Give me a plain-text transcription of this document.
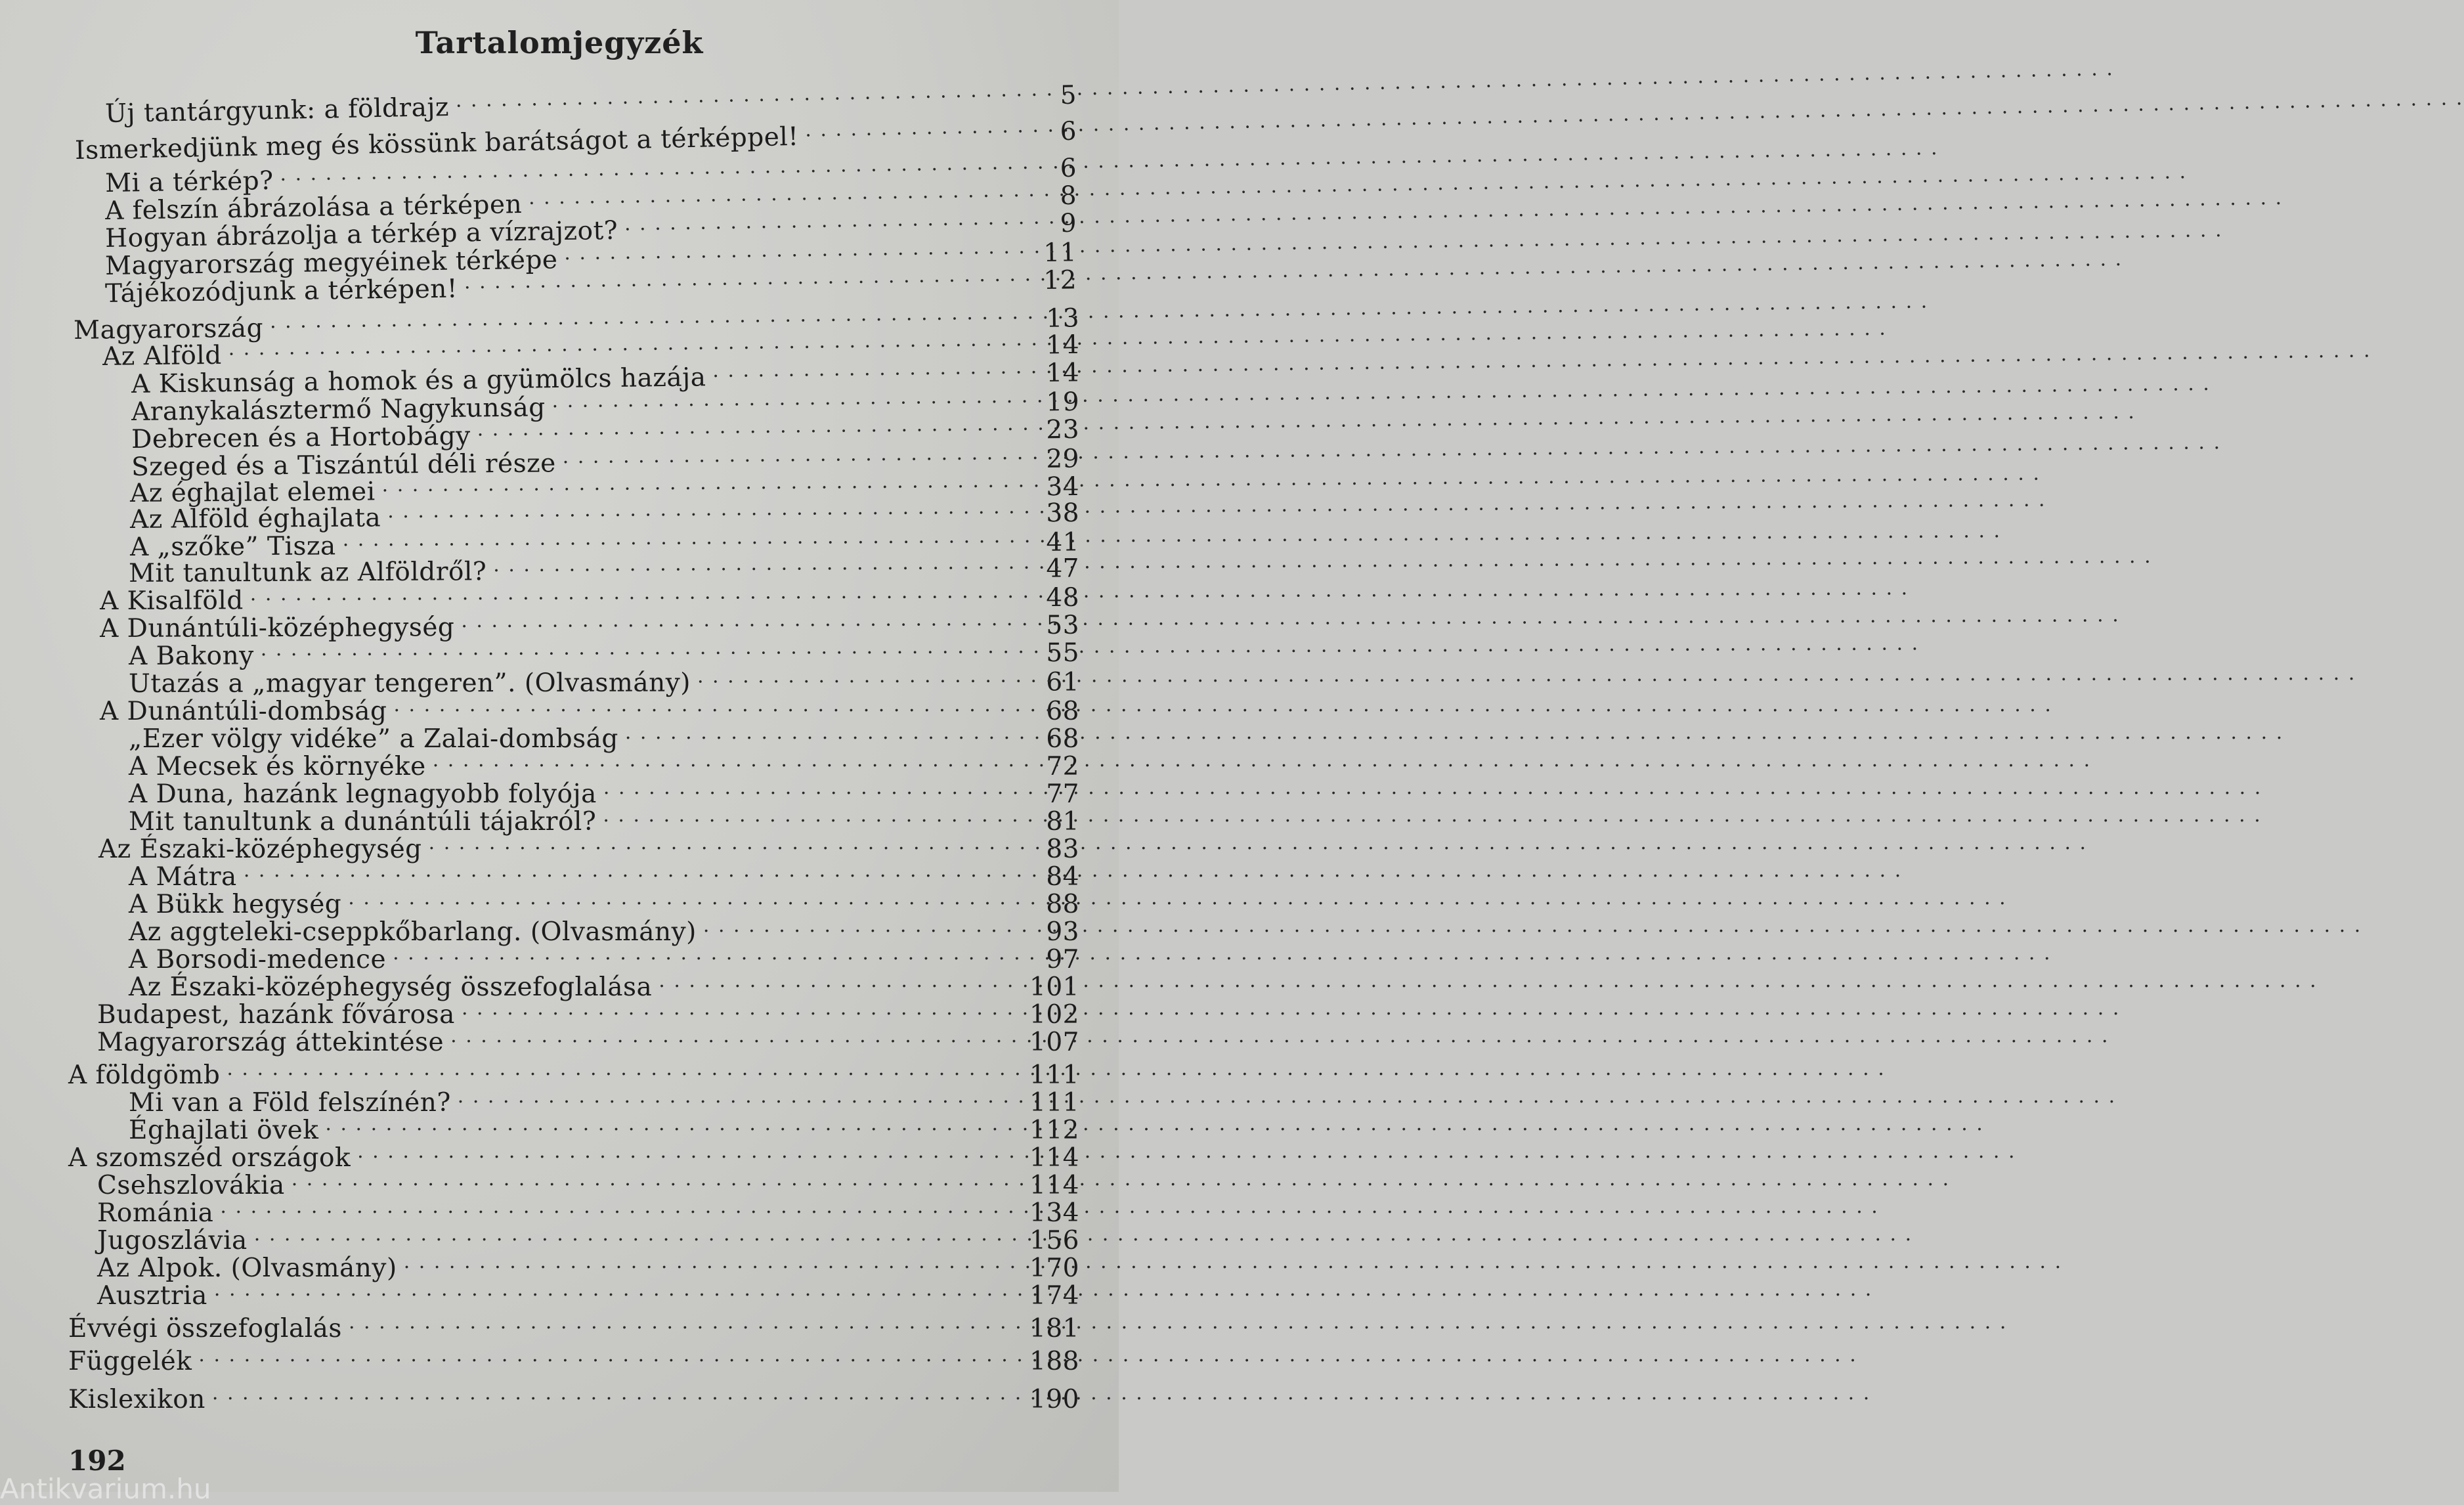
Tartalomjegyzék
Új tantárgyunk: a földrajz . . .	5
Ismerkedjünk meg és kössünk barátságot a térképpel! . . .	6
Mi a térkép? . . .	6
A felszín ábrázolása a térképen . . .	8
Hogyan ábrázolja a térkép a vízrajzot? . . .	9
Magyarország megyéinek térképe . . .	11
Tájékozódjunk a térképen! . . .	12
Magyarország . . .	13
Az Alföld . . .	14
A Kiskunság a homok és a gyümölcs hazája . . .	14
Aranykalásztermő Nagykunság . . .	19
Debrecen és a Hortobágy . . .	23
Szeged és a Tiszántúl déli része . . .	29
Az éghajlat elemei . . .	34
Az Alföld éghajlata . . .	38
A „szőke” Tisza . . .	41
Mit tanultunk az Alföldről? . . .	47
A Kisalföld . . .	48
A Dunántúli-középhegység . . .	53
A Bakony . . .	55
Utazás a „magyar tengeren”. (Olvasmány) . . .	61
A Dunántúli-dombság . . .	68
„Ezer völgy vidéke” a Zalai-dombság . . .	68
A Mecsek és környéke . . .	72
A Duna, hazánk legnagyobb folyója . . .	77
Mit tanultunk a dunántúli tájakról? . . .	81
Az Északi-középhegység . . .	83
A Mátra . . .	84
A Bükk hegység . . .	88
Az aggteleki-cseppkőbarlang. (Olvasmány) . . .	93
A Borsodi-medence . . .	97
Az Északi-középhegység összefoglalása . . .	101
Budapest, hazánk fővárosa . . .	102
Magyarország áttekintése . . .	107
A földgömb . . .	111
Mi van a Föld felszínén? . . .	111
Éghajlati övek . . .	112
A szomszéd országok . . .	114
Csehszlovákia . . .	114
Románia . . .	134
Jugoszlávia . . .	156
Az Alpok. (Olvasmány) . . .	170
Ausztria . . .	174
Évvégi összefoglalás . . .	181
Függelék . . .	188
Kislexikon . . .	190
192
Antikvarium.hu
